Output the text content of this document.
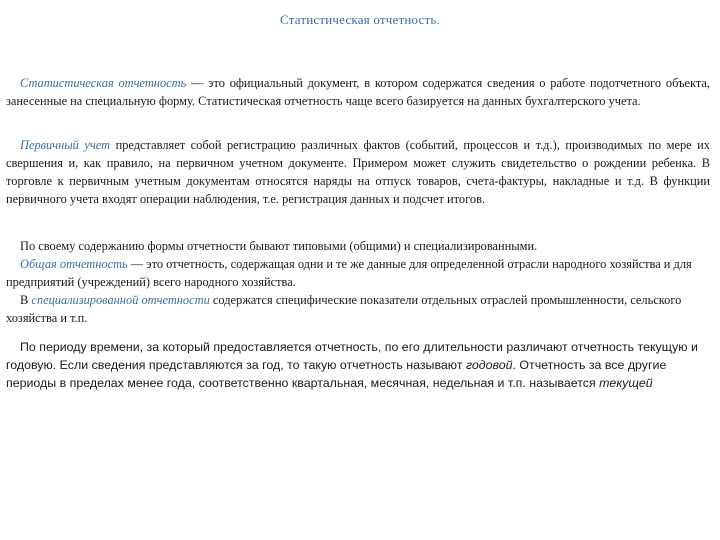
Статистическая отчетность.

Статистическая отчетность — это официальный документ, в котором содержатся сведения о работе подотчетного объекта, занесенные на специальную форму. Статистическая отчетность чаще всего базируется на данных бухгалтерского учета.

Первичный учет представляет собой регистрацию различных фактов (событий, процессов и т.д.), производимых по мере их свершения и, как правило, на первичном учетном документе. Примером может служить свидетельство о рождении ребенка. В торговле к первичным учетным документам относятся наряды на отпуск товаров, счета-фактуры, накладные и т.д. В функции первичного учета входят операции наблюдения, т.е. регистрация данных и подсчет итогов.

По своему содержанию формы отчетности бывают типовыми (общими) и специализированными.

Общая отчетность — это отчетность, содержащая одни и те же данные для определенной отрасли народного хозяйства и для предприятий (учреждений) всего народного хозяйства.

В специализированной отчетности содержатся специфические показатели отдельных отраслей промышленности, сельского хозяйства и т.п.

По периоду времени, за который предоставляется отчетность, по его длительности различают отчетность текущую и годовую. Если сведения представляются за год, то такую отчетность называют годовой. Отчетность за все другие периоды в пределах менее года, соответственно квартальная, месячная, недельная и т.п. называется текущей
